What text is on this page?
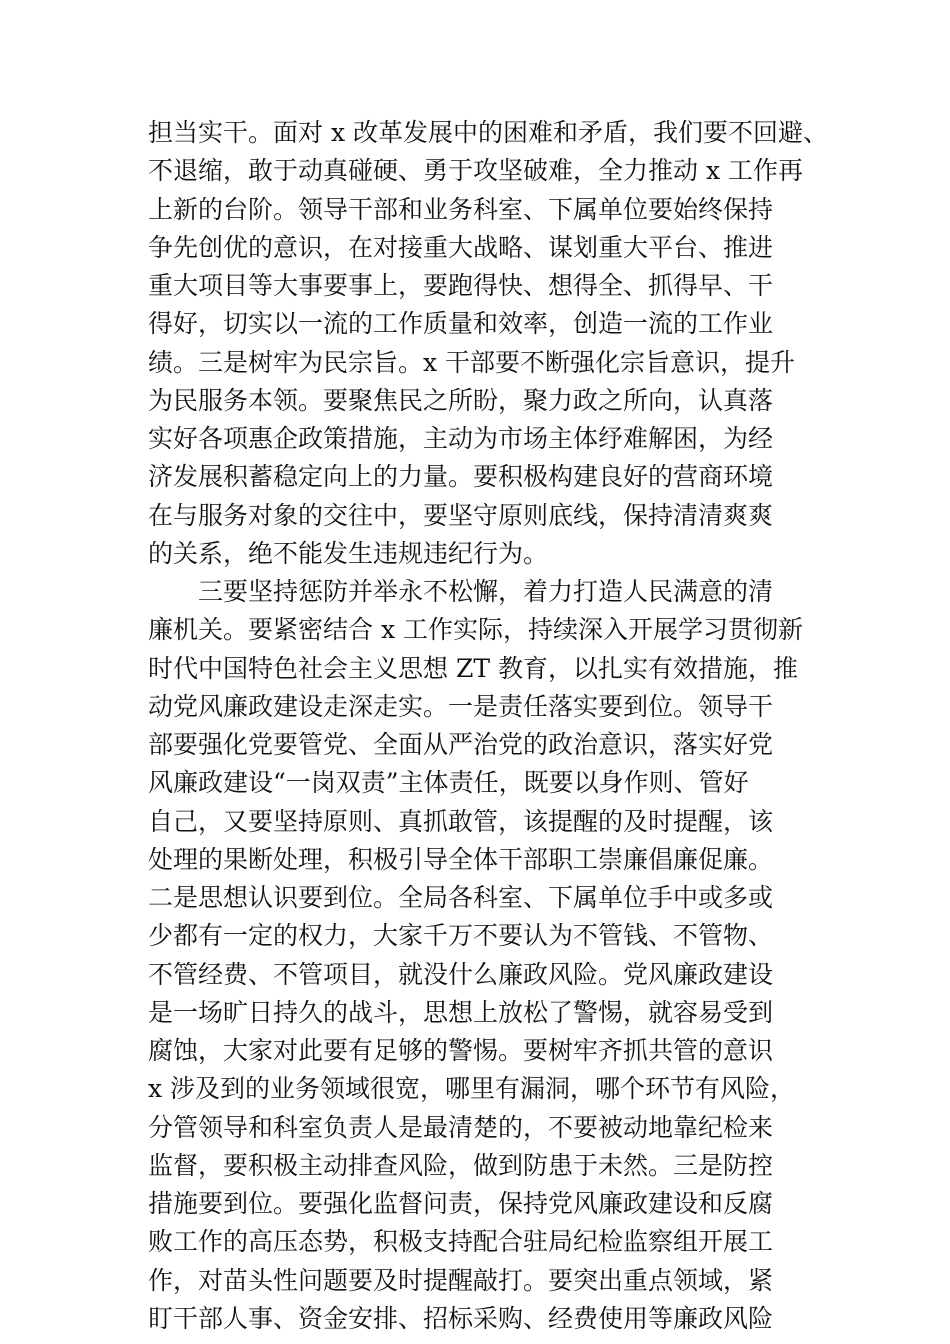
担当实干。面对 x 改革发展中的困难和矛盾，我们要不回避、
不退缩，敢于动真碰硬、勇于攻坚破难，全力推动 x 工作再
上新的台阶。领导干部和业务科室、下属单位要始终保持
争先创优的意识，在对接重大战略、谋划重大平台、推进
重大项目等大事要事上，要跑得快、想得全、抓得早、干
得好，切实以一流的工作质量和效率，创造一流的工作业
绩。三是树牢为民宗旨。x 干部要不断强化宗旨意识，提升
为民服务本领。要聚焦民之所盼，聚力政之所向，认真落
实好各项惠企政策措施，主动为市场主体纾难解困，为经
济发展积蓄稳定向上的力量。要积极构建良好的营商环境
在与服务对象的交往中，要坚守原则底线，保持清清爽爽
的关系，绝不能发生违规违纪行为。
三要坚持惩防并举永不松懈，着力打造人民满意的清
廉机关。要紧密结合 x 工作实际，持续深入开展学习贯彻新
时代中国特色社会主义思想 ZT 教育，以扎实有效措施，推
动党风廉政建设走深走实。一是责任落实要到位。领导干
部要强化党要管党、全面从严治党的政治意识，落实好党
风廉政建设“一岗双责”主体责任，既要以身作则、管好
自己，又要坚持原则、真抓敢管，该提醒的及时提醒，该
处理的果断处理，积极引导全体干部职工崇廉倡廉促廉。
二是思想认识要到位。全局各科室、下属单位手中或多或
少都有一定的权力，大家千万不要认为不管钱、不管物、
不管经费、不管项目，就没什么廉政风险。党风廉政建设
是一场旷日持久的战斗，思想上放松了警惕，就容易受到
腐蚀，大家对此要有足够的警惕。要树牢齐抓共管的意识
x 涉及到的业务领域很宽，哪里有漏洞，哪个环节有风险，
分管领导和科室负责人是最清楚的，不要被动地靠纪检来
监督，要积极主动排查风险，做到防患于未然。三是防控
措施要到位。要强化监督问责，保持党风廉政建设和反腐
败工作的高压态势，积极支持配合驻局纪检监察组开展工
作，对苗头性问题要及时提醒敲打。要突出重点领域，紧
盯干部人事、资金安排、招标采购、经费使用等廉政风险
